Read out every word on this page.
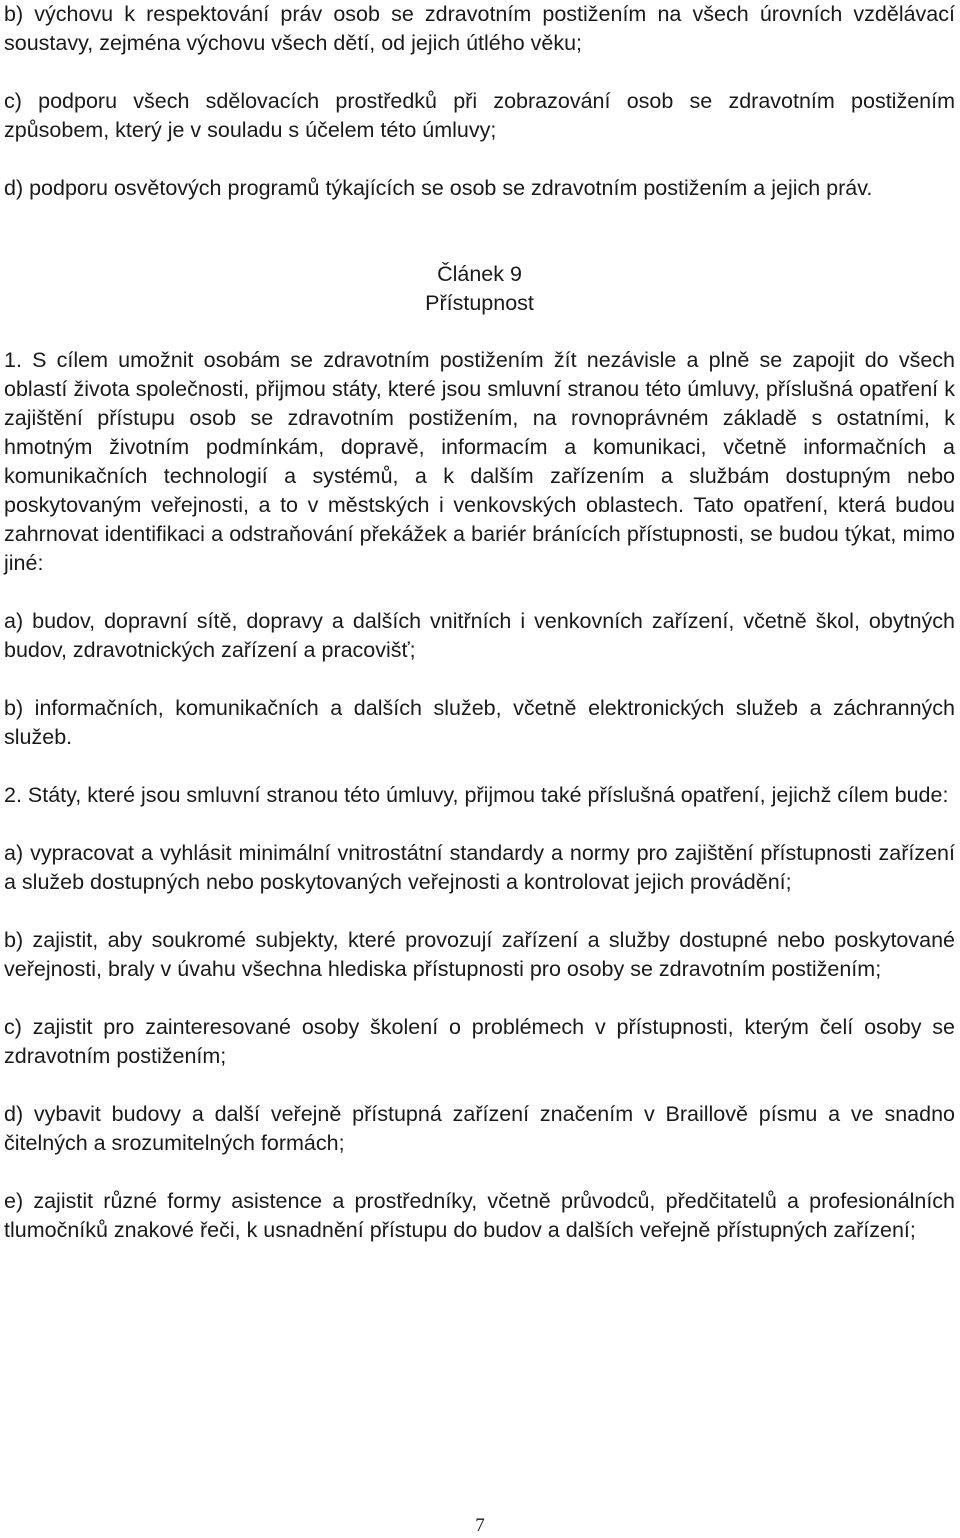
b) výchovu k respektování práv osob se zdravotním postižením na všech úrovních vzdělávací soustavy, zejména výchovu všech dětí, od jejich útlého věku;

c) podporu všech sdělovacích prostředků při zobrazování osob se zdravotním postižením způsobem, který je v souladu s účelem této úmluvy;

d) podporu osvětových programů týkajících se osob se zdravotním postižením a jejich práv.

Článek 9
Přístupnost

1. S cílem umožnit osobám se zdravotním postižením žít nezávisle a plně se zapojit do všech oblastí života společnosti, přijmou státy, které jsou smluvní stranou této úmluvy, příslušná opatření k zajištění přístupu osob se zdravotním postižením, na rovnoprávném základě s ostatními, k hmotným životním podmínkám, dopravě, informacím a komunikaci, včetně informačních a komunikačních technologií a systémů, a k dalším zařízením a službám dostupným nebo poskytovaným veřejnosti, a to v městských i venkovských oblastech. Tato opatření, která budou zahrnovat identifikaci a odstraňování překážek a bariér bránících přístupnosti, se budou týkat, mimo jiné:

a) budov, dopravní sítě, dopravy a dalších vnitřních i venkovních zařízení, včetně škol, obytných budov, zdravotnických zařízení a pracovišť;

b) informačních, komunikačních a dalších služeb, včetně elektronických služeb a záchranných služeb.

2. Státy, které jsou smluvní stranou této úmluvy, přijmou také příslušná opatření, jejichž cílem bude:

a) vypracovat a vyhlásit minimální vnitrostátní standardy a normy pro zajištění přístupnosti zařízení a služeb dostupných nebo poskytovaných veřejnosti a kontrolovat jejich provádění;

b) zajistit, aby soukromé subjekty, které provozují zařízení a služby dostupné nebo poskytované veřejnosti, braly v úvahu všechna hlediska přístupnosti pro osoby se zdravotním postižením;

c) zajistit pro zainteresované osoby školení o problémech v přístupnosti, kterým čelí osoby se zdravotním postižením;

d) vybavit budovy a další veřejně přístupná zařízení značením v Braillově písmu a ve snadno čitelných a srozumitelných formách;

e) zajistit různé formy asistence a prostředníky, včetně průvodců, předčitatelů a profesionálních tlumočníků znakové řeči, k usnadnění přístupu do budov a dalších veřejně přístupných zařízení;

7
